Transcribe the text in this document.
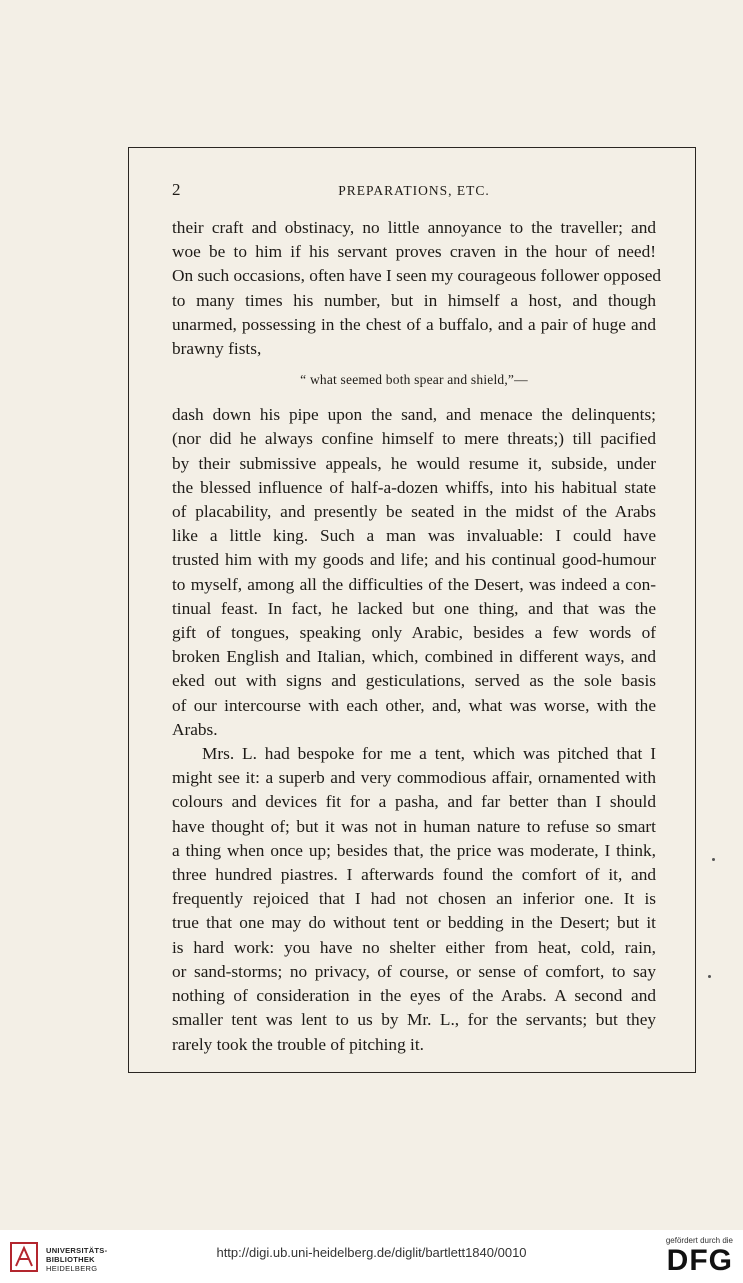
2	PREPARATIONS, ETC.

their craft and obstinacy, no little annoyance to the traveller; and
woe be to him if his servant proves craven in the hour of need!
On such occasions, often have I seen my courageous follower opposed
to many times his number, but in himself a host, and though
unarmed, possessing in the chest of a buffalo, and a pair of huge and
brawny fists,

“ what seemed both spear and shield,”—

dash down his pipe upon the sand, and menace the delinquents;
(nor did he always confine himself to mere threats;) till pacified
by their submissive appeals, he would resume it, subside, under
the blessed influence of half-a-dozen whiffs, into his habitual state
of placability, and presently be seated in the midst of the Arabs
like a little king. Such a man was invaluable: I could have
trusted him with my goods and life; and his continual good-humour
to myself, among all the difficulties of the Desert, was indeed a con-
tinual feast. In fact, he lacked but one thing, and that was the
gift of tongues, speaking only Arabic, besides a few words of
broken English and Italian, which, combined in different ways, and
eked out with signs and gesticulations, served as the sole basis
of our intercourse with each other, and, what was worse, with the
Arabs.

Mrs. L. had bespoke for me a tent, which was pitched that I
might see it: a superb and very commodious affair, ornamented with
colours and devices fit for a pasha, and far better than I should
have thought of; but it was not in human nature to refuse so smart
a thing when once up; besides that, the price was moderate, I think,
three hundred piastres. I afterwards found the comfort of it, and
frequently rejoiced that I had not chosen an inferior one. It is
true that one may do without tent or bedding in the Desert; but it
is hard work: you have no shelter either from heat, cold, rain,
or sand-storms; no privacy, of course, or sense of comfort, to say
nothing of consideration in the eyes of the Arabs. A second and
smaller tent was lent to us by Mr. L., for the servants; but they
rarely took the trouble of pitching it.

UNIVERSITÄTS-
BIBLIOTHEK
HEIDELBERG
http://digi.ub.uni-heidelberg.de/diglit/bartlett1840/0010
gefördert durch die
DFG
